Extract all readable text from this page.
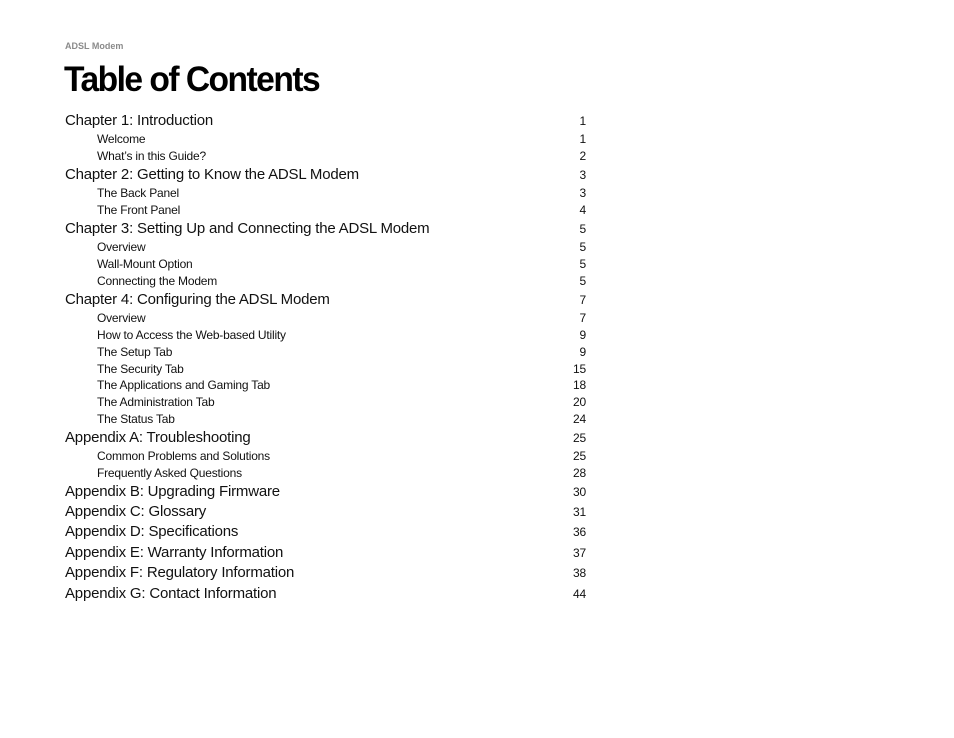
ADSL Modem
Table of Contents
Chapter 1: Introduction	1
Welcome	1
What’s in this Guide?	2
Chapter 2: Getting to Know the ADSL Modem	3
The Back Panel	3
The Front Panel	4
Chapter 3: Setting Up and Connecting the ADSL Modem	5
Overview	5
Wall-Mount Option	5
Connecting the Modem	5
Chapter 4: Configuring the ADSL Modem	7
Overview	7
How to Access the Web-based Utility	9
The Setup Tab	9
The Security Tab	15
The Applications and Gaming Tab	18
The Administration Tab	20
The Status Tab	24
Appendix A: Troubleshooting	25
Common Problems and Solutions	25
Frequently Asked Questions	28
Appendix B: Upgrading Firmware	30
Appendix C: Glossary	31
Appendix D: Specifications	36
Appendix E: Warranty Information	37
Appendix F: Regulatory Information	38
Appendix G: Contact Information	44
